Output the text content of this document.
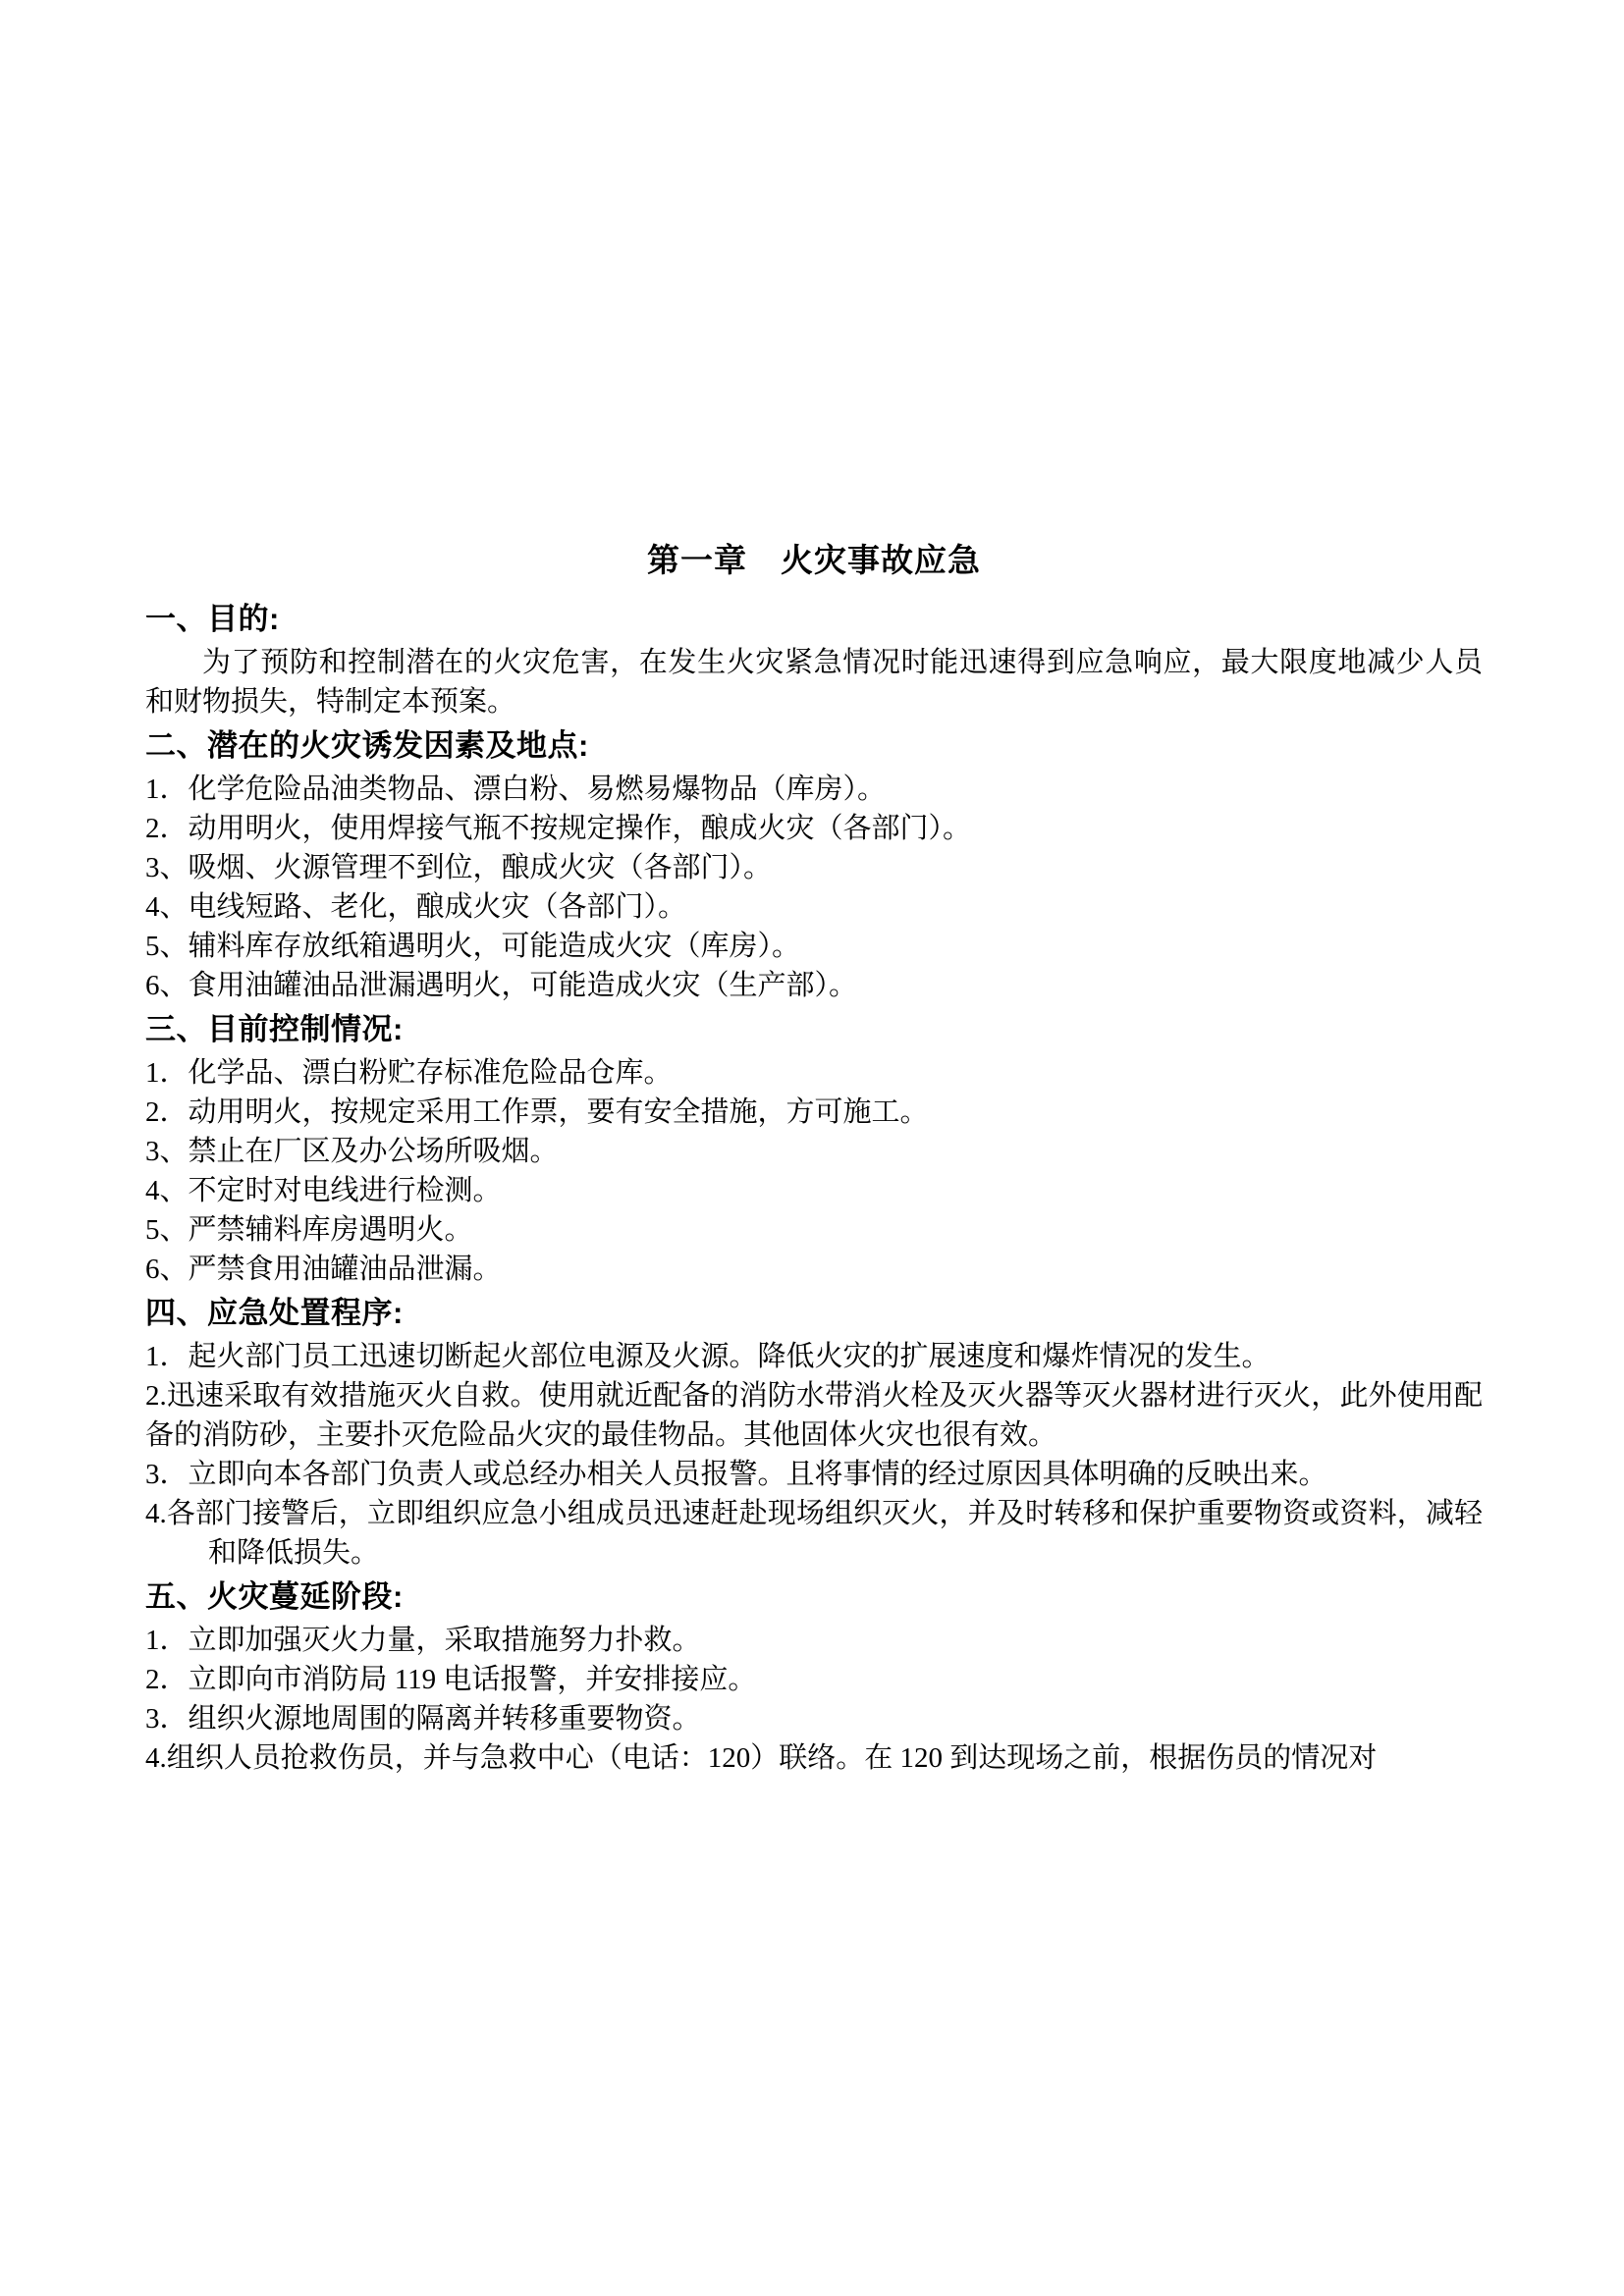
第一章　火灾事故应急
一、目的:

为了预防和控制潜在的火灾危害，在发生火灾紧急情况时能迅速得到应急响应，最大限度地减少人员和财物损失，特制定本预案。

二、潜在的火灾诱发因素及地点:
1．化学危险品油类物品、漂白粉、易燃易爆物品（库房）。
2．动用明火，使用焊接气瓶不按规定操作，酿成火灾（各部门）。
3、吸烟、火源管理不到位，酿成火灾（各部门）。
4、电线短路、老化，酿成火灾（各部门）。
5、辅料库存放纸箱遇明火，可能造成火灾（库房）。
6、食用油罐油品泄漏遇明火，可能造成火灾（生产部）。
三、目前控制情况:
1．化学品、漂白粉贮存标准危险品仓库。
2．动用明火，按规定采用工作票，要有安全措施，方可施工。
3、禁止在厂区及办公场所吸烟。
4、不定时对电线进行检测。
5、严禁辅料库房遇明火。
6、严禁食用油罐油品泄漏。
四、应急处置程序:
1．起火部门员工迅速切断起火部位电源及火源。降低火灾的扩展速度和爆炸情况的发生。
2.迅速采取有效措施灭火自救。使用就近配备的消防水带消火栓及灭火器等灭火器材进行灭火，此外使用配备的消防砂，主要扑灭危险品火灾的最佳物品。其他固体火灾也很有效。
3．立即向本各部门负责人或总经办相关人员报警。且将事情的经过原因具体明确的反映出来。
4.各部门接警后，立即组织应急小组成员迅速赶赴现场组织灭火，并及时转移和保护重要物资或资料，减轻和降低损失。
五、火灾蔓延阶段:
1．立即加强灭火力量，采取措施努力扑救。
2．立即向市消防局 119 电话报警，并安排接应。
3．组织火源地周围的隔离并转移重要物资。
4.组织人员抢救伤员，并与急救中心（电话：120）联络。在 120 到达现场之前，根据伤员的情况对
